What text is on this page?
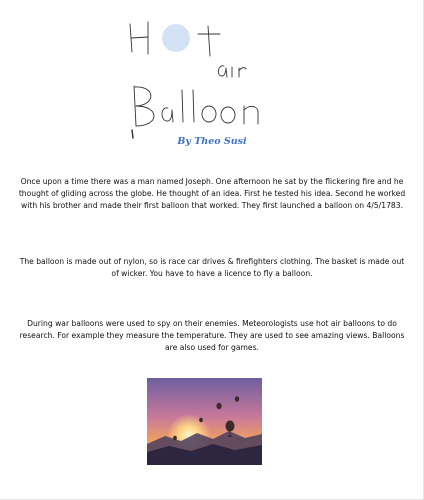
By Theo Susi
Once upon a time there was a man named Joseph. One afternoon he sat by the flickering fire and he thought of gliding across the globe. He thought of an idea. First he tested his idea. Second he worked with his brother and made their first balloon that worked. They first launched a balloon on 4/5/1783.
The balloon is made out of nylon, so is race car drives & firefighters clothing. The basket is made out of wicker. You have to have a licence to fly a balloon.
During war balloons were used to spy on their enemies. Meteorologists use hot air balloons to do research. For example they measure the temperature. They are used to see amazing views. Balloons are also used for games.
